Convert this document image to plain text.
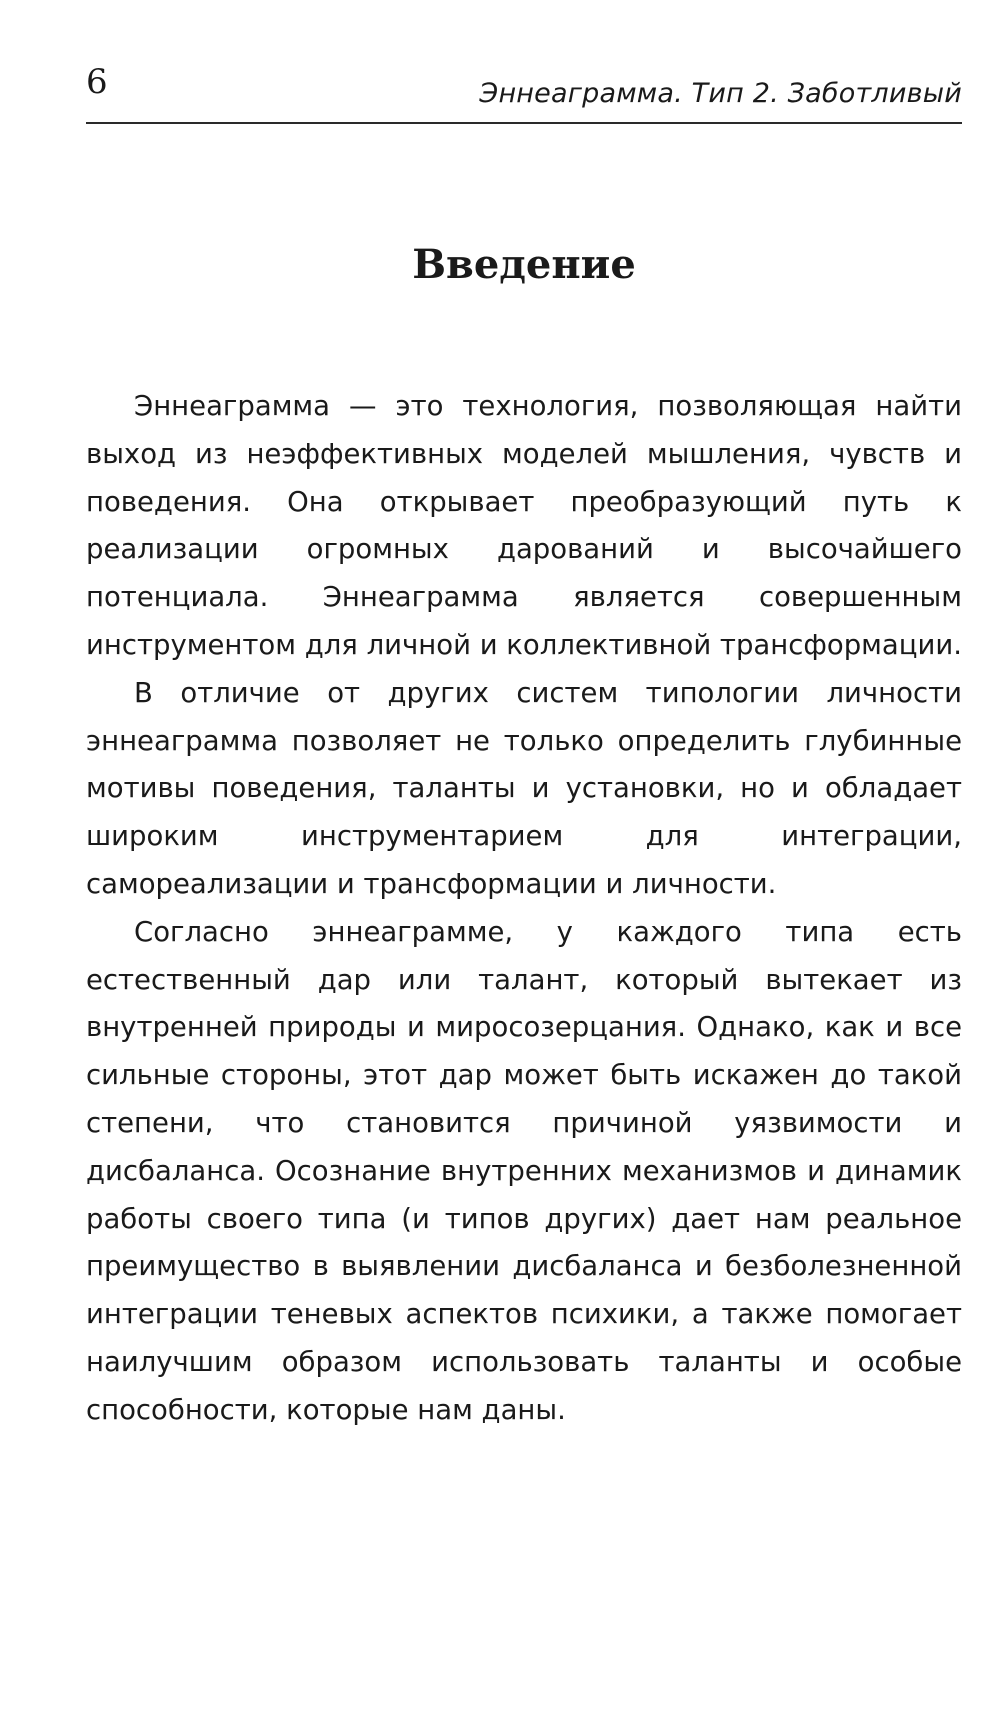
6	Эннеаграмма. Тип 2. Заботливый
Введение

Эннеаграмма — это технология, позволяющая найти выход из неэффективных моделей мышления, чувств и поведения. Она открывает преобразующий путь к реализации огромных дарований и высочайшего потенциала. Эннеаграмма является совершенным инструментом для личной и коллективной трансформации.

В отличие от других систем типологии личности эннеаграмма позволяет не только определить глубинные мотивы поведения, таланты и установки, но и обладает широким инструментарием для интеграции, самореализации и трансформации и личности.

Согласно эннеаграмме, у каждого типа есть естественный дар или талант, который вытекает из внутренней природы и миросозерцания. Однако, как и все сильные стороны, этот дар может быть искажен до такой степени, что становится причиной уязвимости и дисбаланса. Осознание внутренних механизмов и динамик работы своего типа (и типов других) дает нам реальное преимущество в выявлении дисбаланса и безболезненной интеграции теневых аспектов психики, а также помогает наилучшим образом использовать таланты и особые способности, которые нам даны.
